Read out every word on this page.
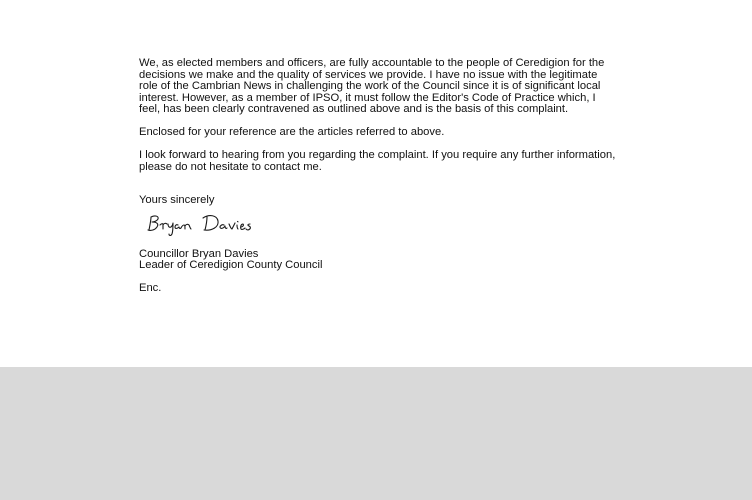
We, as elected members and officers, are fully accountable to the people of Ceredigion for the decisions we make and the quality of services we provide. I have no issue with the legitimate role of the Cambrian News in challenging the work of the Council since it is of significant local interest. However, as a member of IPSO, it must follow the Editor's Code of Practice which, I feel, has been clearly contravened as outlined above and is the basis of this complaint.

Enclosed for your reference are the articles referred to above.

I look forward to hearing from you regarding the complaint. If you require any further information, please do not hesitate to contact me.

Yours sincerely

Councillor Bryan Davies

Leader of Ceredigion County Council

Enc.
